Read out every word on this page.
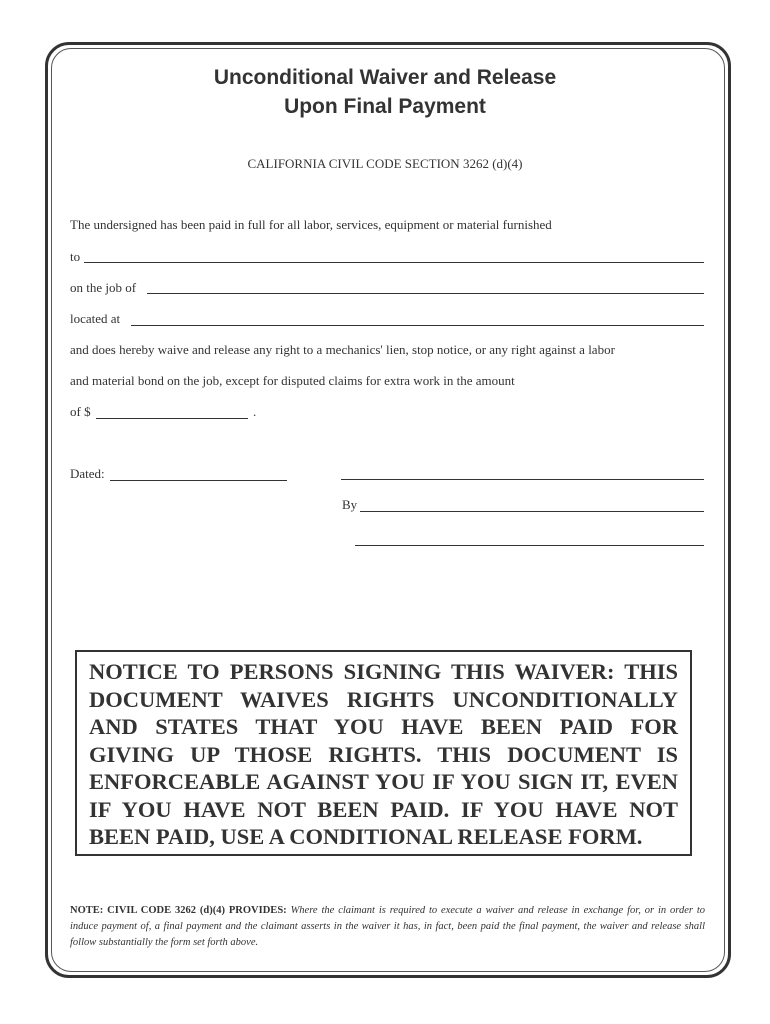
Unconditional Waiver and Release
Upon Final Payment
CALIFORNIA CIVIL CODE SECTION 3262 (d)(4)
The undersigned has been paid in full for all labor, services, equipment or material furnished
to
on the job of
located at
and does hereby waive and release any right to a mechanics' lien, stop notice, or any right against a labor
and material bond on the job, except for disputed claims for extra work in the amount
of $	.
Dated:
By

NOTICE TO PERSONS SIGNING THIS WAIVER: THIS DOCUMENT WAIVES RIGHTS UNCONDITIONALLY AND STATES THAT YOU HAVE BEEN PAID FOR GIVING UP THOSE RIGHTS. THIS DOCUMENT IS ENFORCEABLE AGAINST YOU IF YOU SIGN IT, EVEN IF YOU HAVE NOT BEEN PAID. IF YOU HAVE NOT BEEN PAID, USE A CONDITIONAL RELEASE FORM.

NOTE: CIVIL CODE 3262 (d)(4) PROVIDES: Where the claimant is required to execute a waiver and release in exchange for, or in order to induce payment of, a final payment and the claimant asserts in the waiver it has, in fact, been paid the final payment, the waiver and release shall follow substantially the form set forth above.
